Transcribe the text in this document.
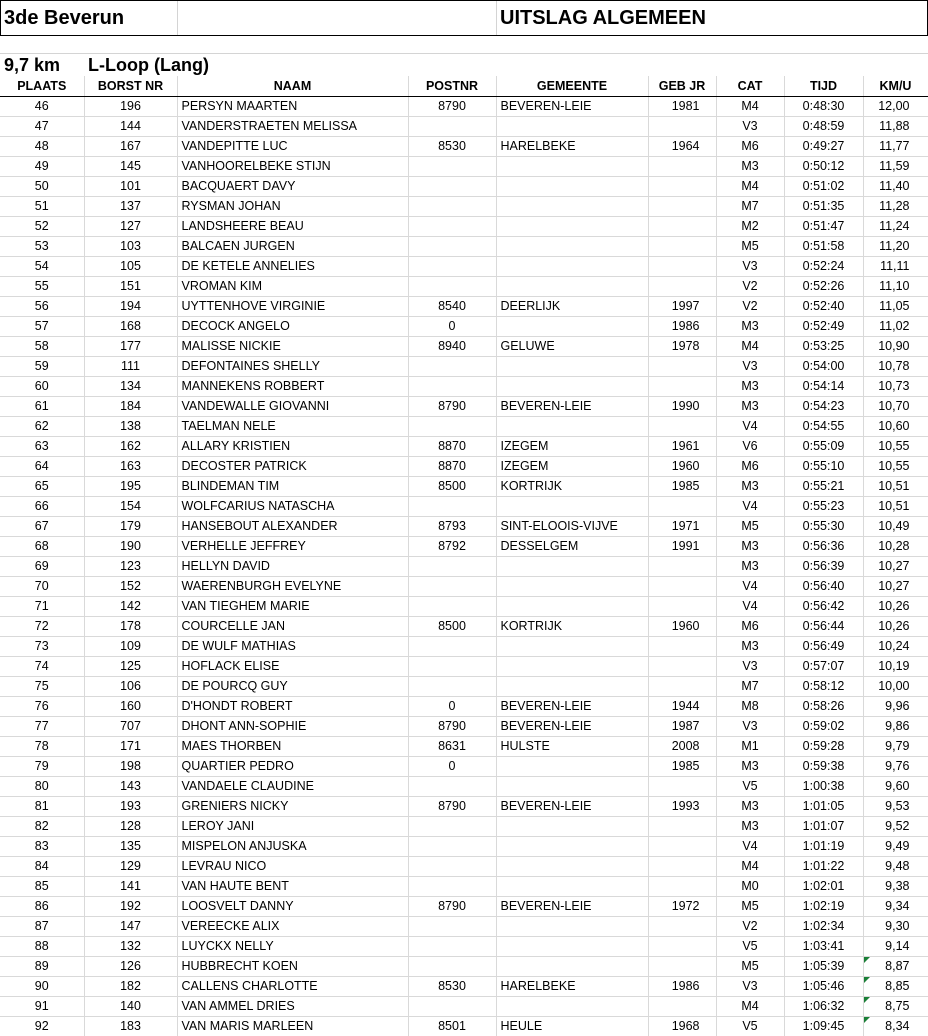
3de Beverun	UITSLAG ALGEMEEN
9,7 km L-Loop (Lang)
PLAATS	BORST NR	NAAM	POSTNR	GEMEENTE	GEB JR	CAT	TIJD	KM/U
46	196	PERSYN MAARTEN	8790	BEVEREN-LEIE	1981	M4	0:48:30	12,00
47	144	VANDERSTRAETEN MELISSA				V3	0:48:59	11,88
48	167	VANDEPITTE LUC	8530	HARELBEKE	1964	M6	0:49:27	11,77
49	145	VANHOORELBEKE STIJN				M3	0:50:12	11,59
50	101	BACQUAERT DAVY				M4	0:51:02	11,40
51	137	RYSMAN JOHAN				M7	0:51:35	11,28
52	127	LANDSHEERE BEAU				M2	0:51:47	11,24
53	103	BALCAEN JURGEN				M5	0:51:58	11,20
54	105	DE KETELE ANNELIES				V3	0:52:24	11,11
55	151	VROMAN KIM				V2	0:52:26	11,10
56	194	UYTTENHOVE VIRGINIE	8540	DEERLIJK	1997	V2	0:52:40	11,05
57	168	DECOCK ANGELO	0		1986	M3	0:52:49	11,02
58	177	MALISSE NICKIE	8940	GELUWE	1978	M4	0:53:25	10,90
59	111	DEFONTAINES SHELLY				V3	0:54:00	10,78
60	134	MANNEKENS ROBBERT				M3	0:54:14	10,73
61	184	VANDEWALLE GIOVANNI	8790	BEVEREN-LEIE	1990	M3	0:54:23	10,70
62	138	TAELMAN NELE				V4	0:54:55	10,60
63	162	ALLARY KRISTIEN	8870	IZEGEM	1961	V6	0:55:09	10,55
64	163	DECOSTER PATRICK	8870	IZEGEM	1960	M6	0:55:10	10,55
65	195	BLINDEMAN TIM	8500	KORTRIJK	1985	M3	0:55:21	10,51
66	154	WOLFCARIUS NATASCHA				V4	0:55:23	10,51
67	179	HANSEBOUT ALEXANDER	8793	SINT-ELOOIS-VIJVE	1971	M5	0:55:30	10,49
68	190	VERHELLE JEFFREY	8792	DESSELGEM	1991	M3	0:56:36	10,28
69	123	HELLYN DAVID				M3	0:56:39	10,27
70	152	WAERENBURGH EVELYNE				V4	0:56:40	10,27
71	142	VAN TIEGHEM MARIE				V4	0:56:42	10,26
72	178	COURCELLE JAN	8500	KORTRIJK	1960	M6	0:56:44	10,26
73	109	DE WULF MATHIAS				M3	0:56:49	10,24
74	125	HOFLACK ELISE				V3	0:57:07	10,19
75	106	DE POURCQ GUY				M7	0:58:12	10,00
76	160	D'HONDT ROBERT	0	BEVEREN-LEIE	1944	M8	0:58:26	9,96
77	707	DHONT ANN-SOPHIE	8790	BEVEREN-LEIE	1987	V3	0:59:02	9,86
78	171	MAES THORBEN	8631	HULSTE	2008	M1	0:59:28	9,79
79	198	QUARTIER PEDRO	0		1985	M3	0:59:38	9,76
80	143	VANDAELE CLAUDINE				V5	1:00:38	9,60
81	193	GRENIERS NICKY	8790	BEVEREN-LEIE	1993	M3	1:01:05	9,53
82	128	LEROY JANI				M3	1:01:07	9,52
83	135	MISPELON ANJUSKA				V4	1:01:19	9,49
84	129	LEVRAU NICO				M4	1:01:22	9,48
85	141	VAN HAUTE BENT				M0	1:02:01	9,38
86	192	LOOSVELT DANNY	8790	BEVEREN-LEIE	1972	M5	1:02:19	9,34
87	147	VEREECKE ALIX				V2	1:02:34	9,30
88	132	LUYCKX NELLY				V5	1:03:41	9,14
89	126	HUBBRECHT KOEN				M5	1:05:39	8,87
90	182	CALLENS CHARLOTTE	8530	HARELBEKE	1986	V3	1:05:46	8,85
91	140	VAN AMMEL DRIES				M4	1:06:32	8,75
92	183	VAN MARIS MARLEEN	8501	HEULE	1968	V5	1:09:45	8,34
